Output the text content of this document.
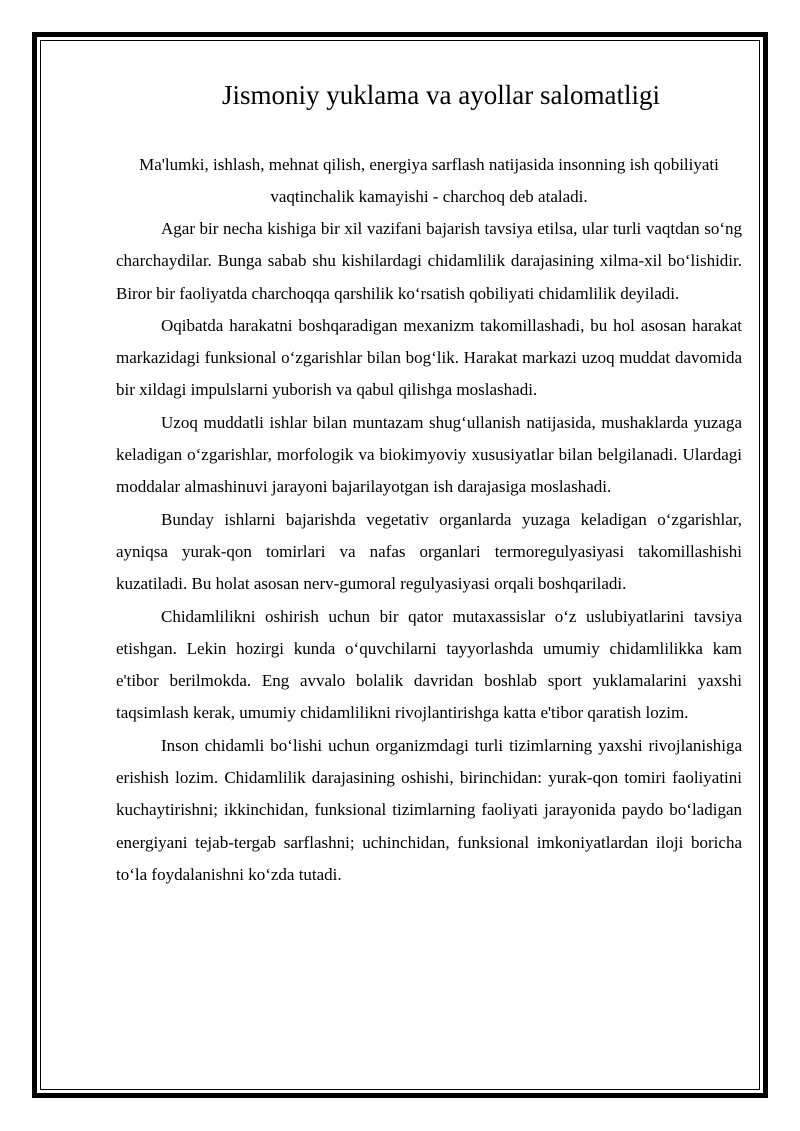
Jismoniy yuklama va ayollar salomatligi

Ma'lumki, ishlash, mehnat qilish, energiya sarflash natijasida insonning ish qobiliyati vaqtinchalik kamayishi - charchoq deb ataladi.

Agar bir necha kishiga bir xil vazifani bajarish tavsiya etilsa, ular turli vaqtdan so‘ng charchaydilar. Bunga sabab shu kishilardagi chidamlilik darajasining xilma-xil bo‘lishidir. Biror bir faoliyatda charchoqqa qarshilik ko‘rsatish qobiliyati chidamlilik deyiladi.

Oqibatda harakatni boshqaradigan mexanizm takomillashadi, bu hol asosan harakat markazidagi funksional o‘zgarishlar bilan bog‘lik. Harakat markazi uzoq muddat davomida bir xildagi impulslarni yuborish va qabul qilishga moslashadi.

Uzoq muddatli ishlar bilan muntazam shug‘ullanish natijasida, mushaklarda yuzaga keladigan o‘zgarishlar, morfologik va biokimyoviy xususiyatlar bilan belgilanadi. Ulardagi moddalar almashinuvi jarayoni bajarilayotgan ish darajasiga moslashadi.

Bunday ishlarni bajarishda vegetativ organlarda yuzaga keladigan o‘zgarishlar, ayniqsa yurak-qon tomirlari va nafas organlari termoregulyasiyasi takomillashishi kuzatiladi. Bu holat asosan nerv-gumoral regulyasiyasi orqali boshqariladi.

Chidamlilikni oshirish uchun bir qator mutaxassislar o‘z uslubiyatlarini tavsiya etishgan. Lekin hozirgi kunda o‘quvchilarni tayyorlashda umumiy chidamlilikka kam e'tibor berilmokda. Eng avvalo bolalik davridan boshlab sport yuklamalarini yaxshi taqsimlash kerak, umumiy chidamlilikni rivojlantirishga katta e'tibor qaratish lozim.

Inson chidamli bo‘lishi uchun organizmdagi turli tizimlarning yaxshi rivojlanishiga erishish lozim. Chidamlilik darajasining oshishi, birinchidan: yurak-qon tomiri faoliyatini kuchaytirishni; ikkinchidan, funksional tizimlarning faoliyati jarayonida paydo bo‘ladigan energiyani tejab-tergab sarflashni; uchinchidan, funksional imkoniyatlardan iloji boricha to‘la foydalanishni ko‘zda tutadi.
